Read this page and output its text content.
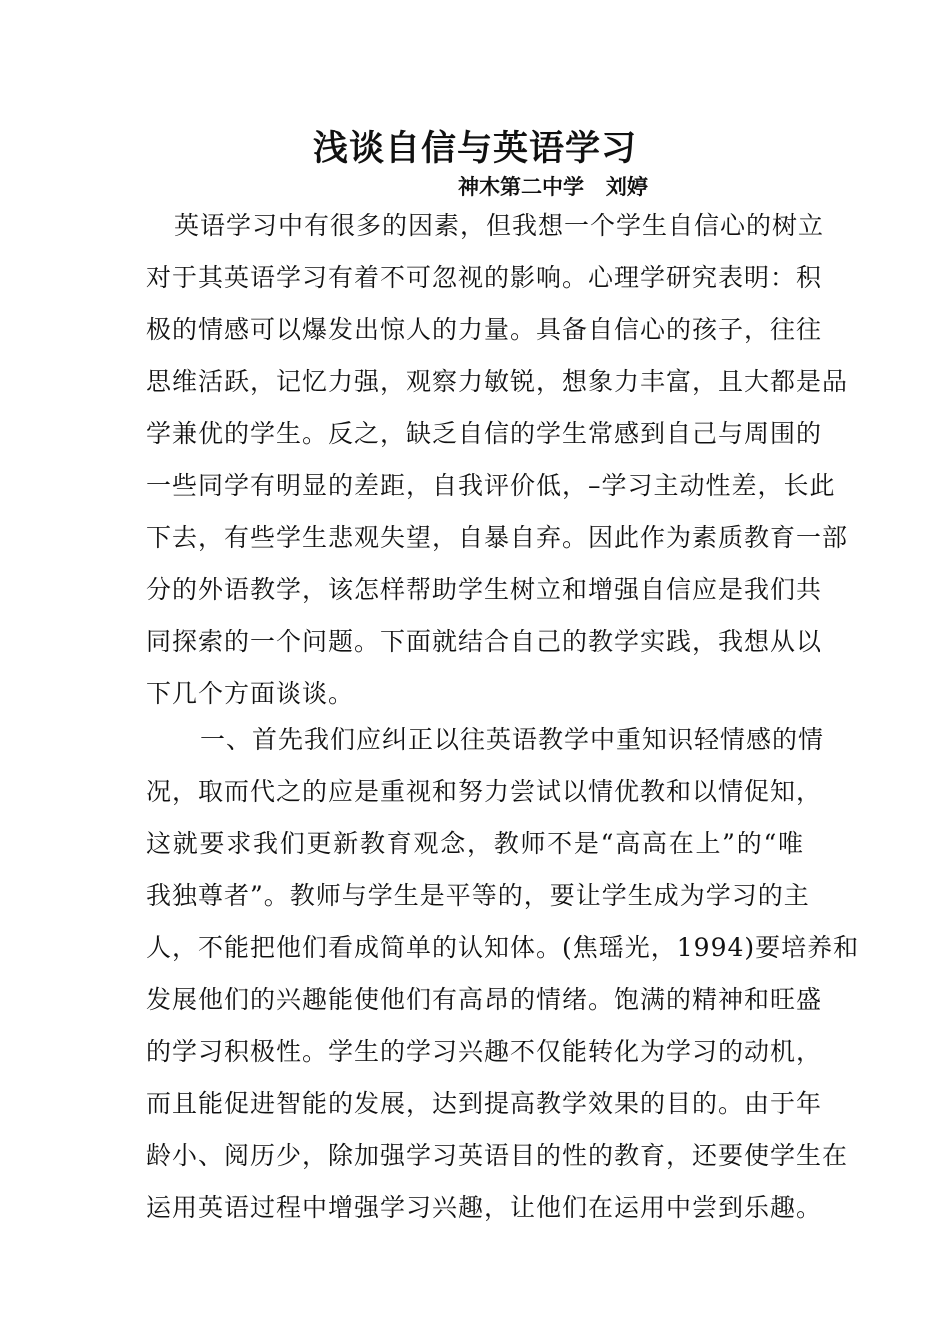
浅谈自信与英语学习
神木第二中学   刘婷
英语学习中有很多的因素，但我想一个学生自信心的树立
对于其英语学习有着不可忽视的影响。心理学研究表明：积
极的情感可以爆发出惊人的力量。具备自信心的孩子，往往
思维活跃，记忆力强，观察力敏锐，想象力丰富，且大都是品
学兼优的学生。反之，缺乏自信的学生常感到自己与周围的
一些同学有明显的差距，自我评价低，–学习主动性差，长此
下去，有些学生悲观失望，自暴自弃。因此作为素质教育一部
分的外语教学，该怎样帮助学生树立和增强自信应是我们共
同探索的一个问题。下面就结合自己的教学实践，我想从以
下几个方面谈谈。
一、首先我们应纠正以往英语教学中重知识轻情感的情
况，取而代之的应是重视和努力尝试以情优教和以情促知，
这就要求我们更新教育观念，教师不是“高高在上”的“唯
我独尊者”。教师与学生是平等的，要让学生成为学习的主
人，不能把他们看成简单的认知体。(焦瑶光，1994)要培养和
发展他们的兴趣能使他们有高昂的情绪。饱满的精神和旺盛
的学习积极性。学生的学习兴趣不仅能转化为学习的动机，
而且能促进智能的发展，达到提高教学效果的目的。由于年
龄小、阅历少，除加强学习英语目的性的教育，还要使学生在
运用英语过程中增强学习兴趣，让他们在运用中尝到乐趣。
